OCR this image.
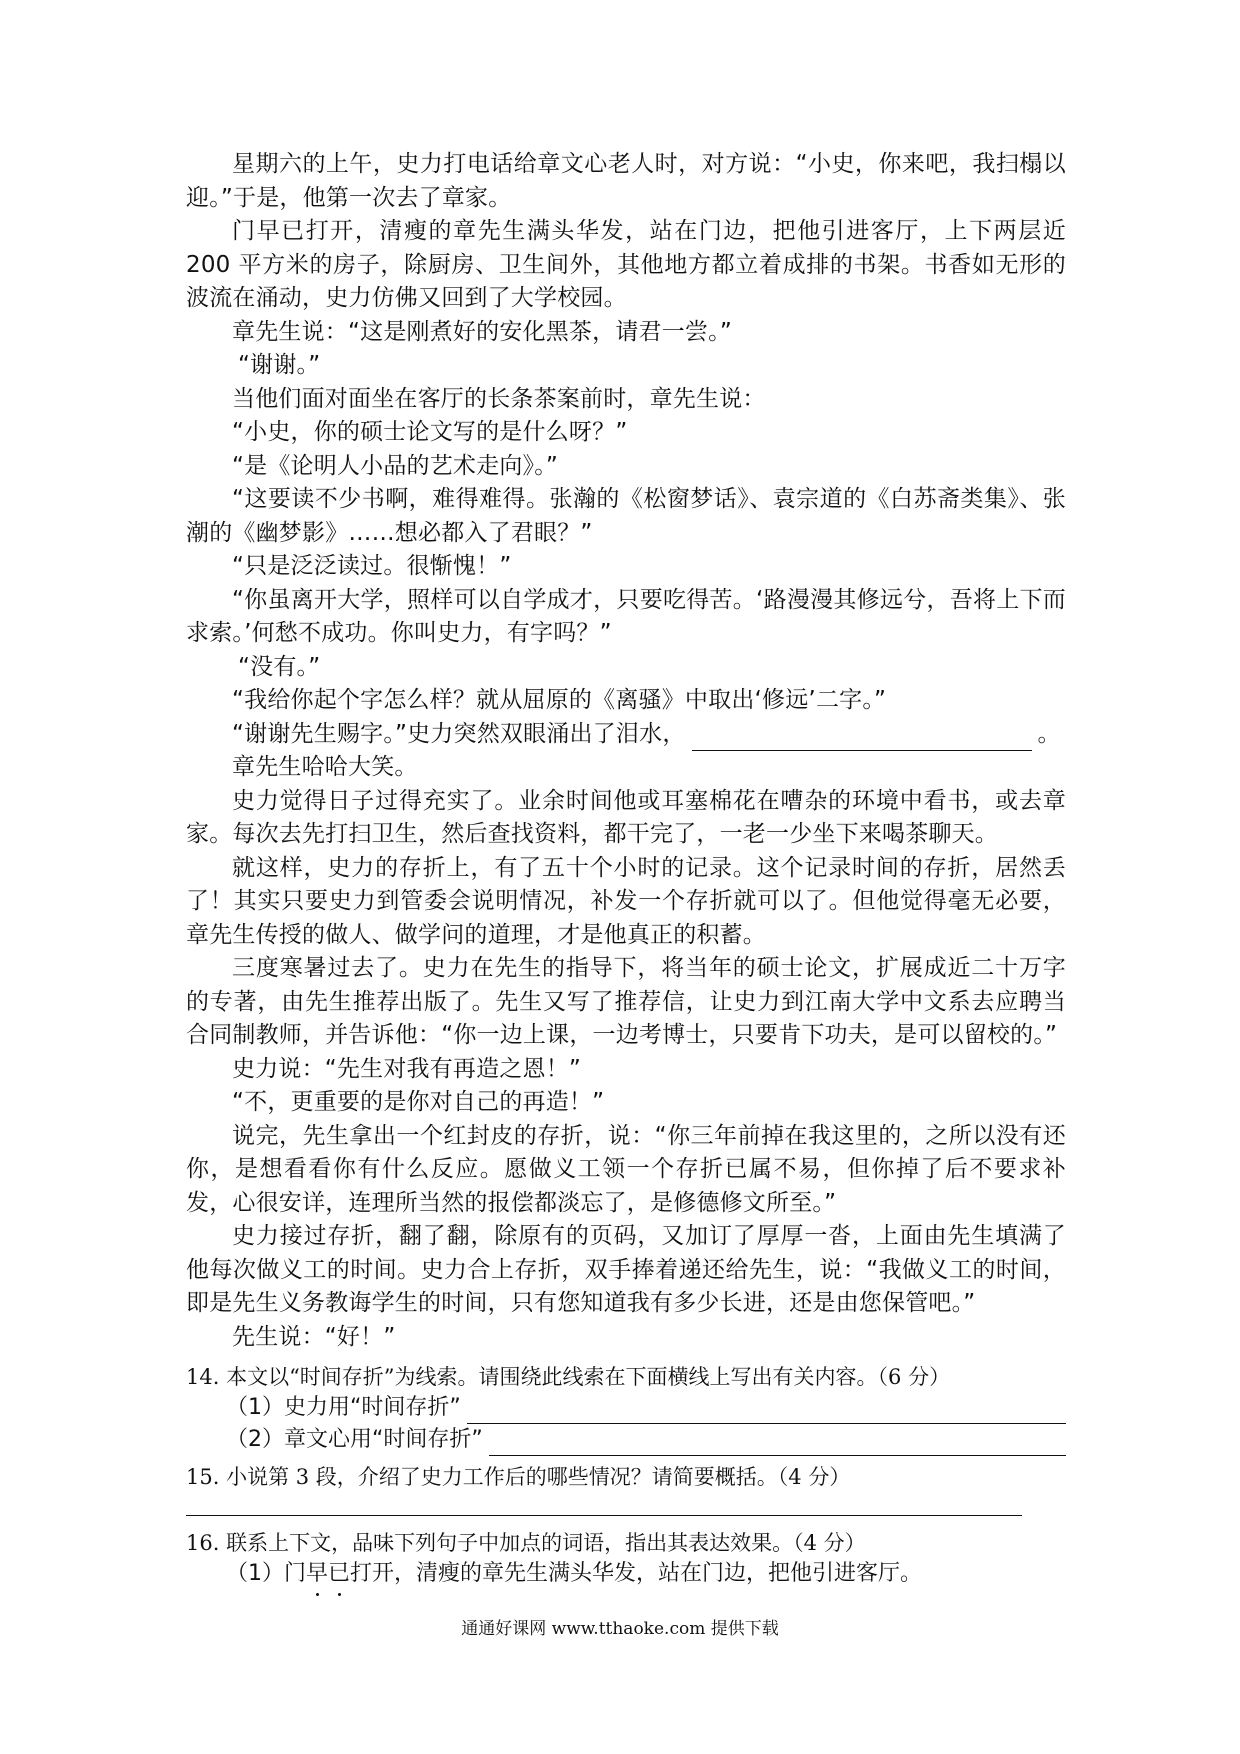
星期六的上午，史力打电话给章文心老人时，对方说：“小史，你来吧，我扫榻以迎。”于是，他第一次去了章家。

门早已打开，清瘦的章先生满头华发，站在门边，把他引进客厅，上下两层近 200 平方米的房子，除厨房、卫生间外，其他地方都立着成排的书架。书香如无形的波流在涌动，史力仿佛又回到了大学校园。

章先生说：“这是刚煮好的安化黑茶，请君一尝。”

“谢谢。”

当他们面对面坐在客厅的长条茶案前时，章先生说：

“小史，你的硕士论文写的是什么呀？”

“是《论明人小品的艺术走向》。”

“这要读不少书啊，难得难得。张瀚的《松窗梦话》、袁宗道的《白苏斋类集》、张潮的《幽梦影》……想必都入了君眼？”

“只是泛泛读过。很惭愧！”

“你虽离开大学，照样可以自学成才，只要吃得苦。‘路漫漫其修远兮，吾将上下而求索。’何愁不成功。你叫史力，有字吗？”

“没有。”

“我给你起个字怎么样？就从屈原的《离骚》中取出‘修远’二字。”

“谢谢先生赐字。”史力突然双眼涌出了泪水，	。

章先生哈哈大笑。

史力觉得日子过得充实了。业余时间他或耳塞棉花在嘈杂的环境中看书，或去章家。每次去先打扫卫生，然后查找资料，都干完了，一老一少坐下来喝茶聊天。

就这样，史力的存折上，有了五十个小时的记录。这个记录时间的存折，居然丢了！其实只要史力到管委会说明情况，补发一个存折就可以了。但他觉得毫无必要，章先生传授的做人、做学问的道理，才是他真正的积蓄。

三度寒暑过去了。史力在先生的指导下，将当年的硕士论文，扩展成近二十万字的专著，由先生推荐出版了。先生又写了推荐信，让史力到江南大学中文系去应聘当合同制教师，并告诉他：“你一边上课，一边考博士，只要肯下功夫，是可以留校的。”

史力说：“先生对我有再造之恩！”

“不，更重要的是你对自己的再造！”

说完，先生拿出一个红封皮的存折，说：“你三年前掉在我这里的，之所以没有还你，是想看看你有什么反应。愿做义工领一个存折已属不易，但你掉了后不要求补发，心很安详，连理所当然的报偿都淡忘了，是修德修文所至。”

史力接过存折，翻了翻，除原有的页码，又加订了厚厚一沓，上面由先生填满了他每次做义工的时间。史力合上存折，双手捧着递还给先生，说：“我做义工的时间，即是先生义务教诲学生的时间，只有您知道我有多少长进，还是由您保管吧。”

先生说：“好！”

14. 本文以“时间存折”为线索。请围绕此线索在下面横线上写出有关内容。（6 分）

（1）史力用“时间存折”

（2）章文心用“时间存折”

15. 小说第 3 段，介绍了史力工作后的哪些情况？请简要概括。（4 分）

16. 联系上下文，品味下列句子中加点的词语，指出其表达效果。（4 分）

（1）门 早 已 打开，清瘦的章先生满头华发，站在门边，把他引进客厅。

通通好课网 www.tthaoke.com 提供下载
